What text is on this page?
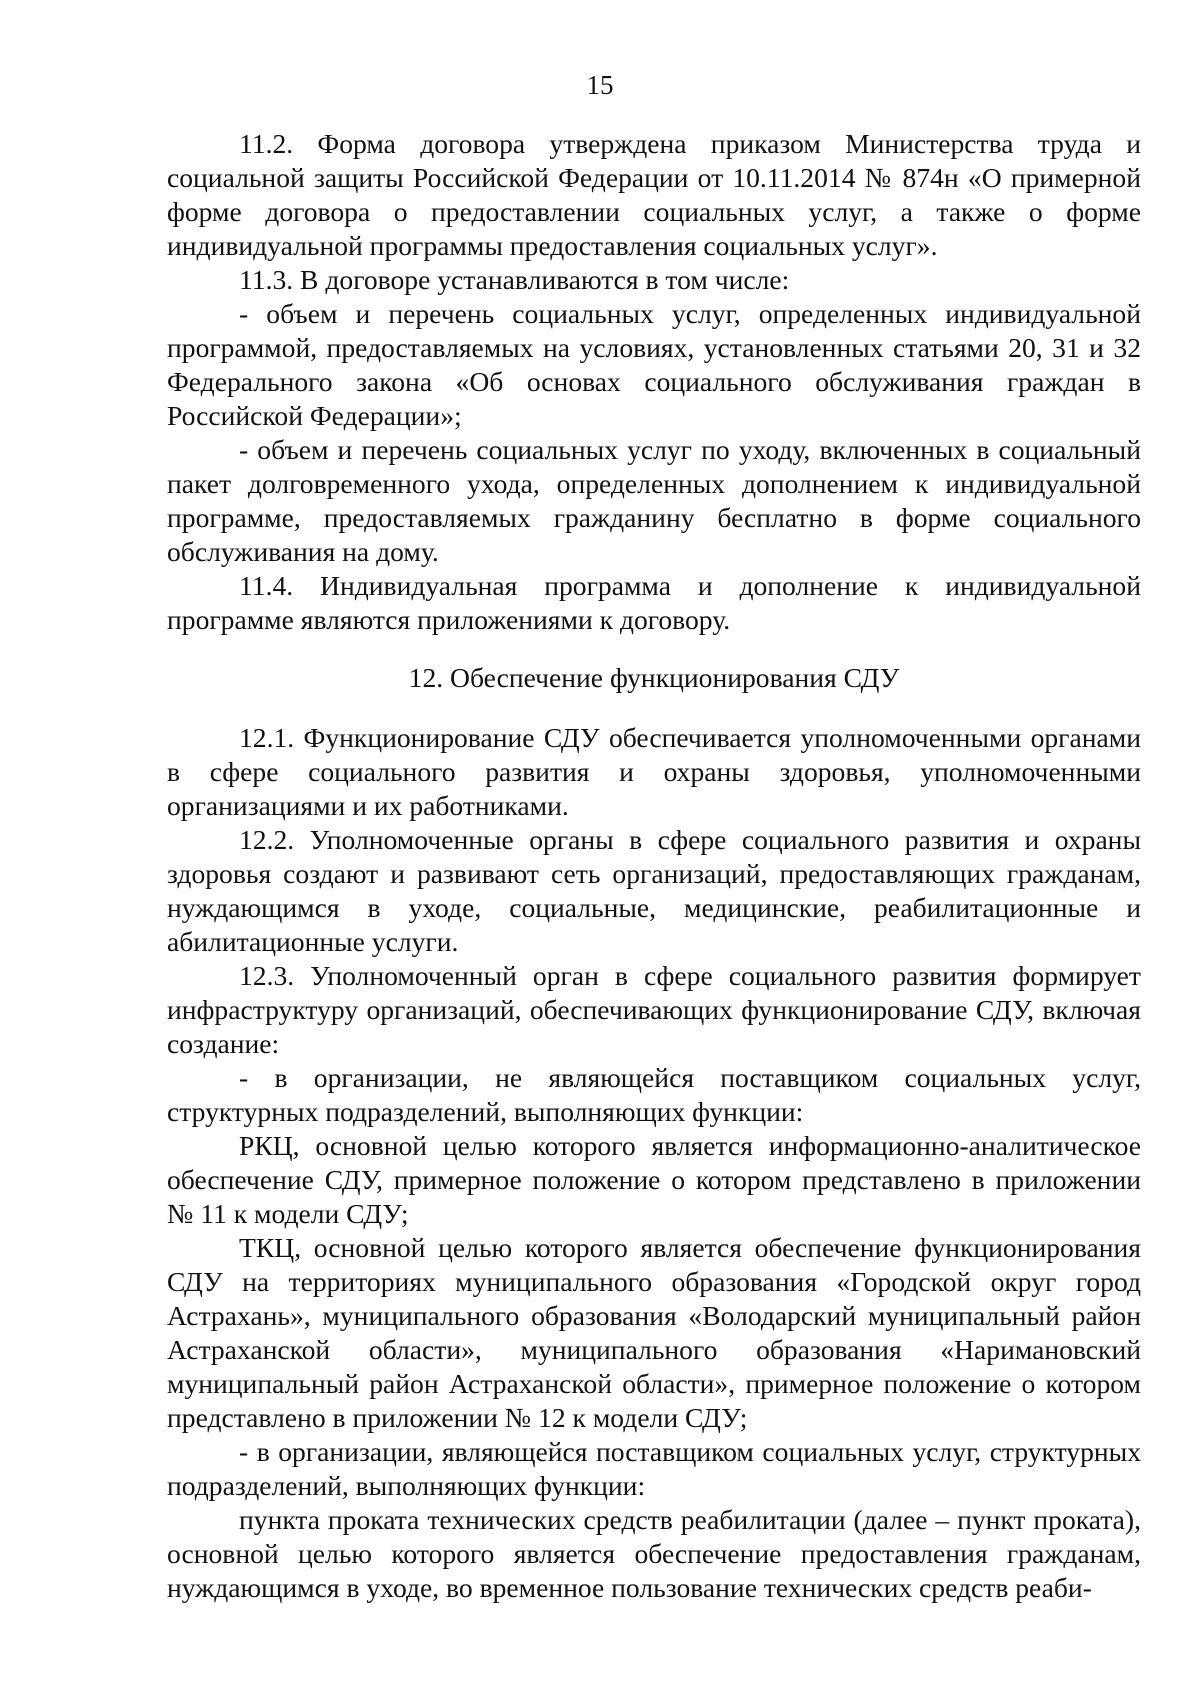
15

11.2. Форма договора утверждена приказом Министерства труда и социальной защиты Российской Федерации от 10.11.2014 № 874н «О примерной форме договора о предоставлении социальных услуг, а также о форме индивидуальной программы предоставления социальных услуг».

11.3. В договоре устанавливаются в том числе:

- объем и перечень социальных услуг, определенных индивидуальной программой, предоставляемых на условиях, установленных статьями 20, 31 и 32 Федерального закона «Об основах социального обслуживания граждан в Российской Федерации»;

- объем и перечень социальных услуг по уходу, включенных в социальный пакет долговременного ухода, определенных дополнением к индивидуальной программе, предоставляемых гражданину бесплатно в форме социального обслуживания на дому.

11.4. Индивидуальная программа и дополнение к индивидуальной программе являются приложениями к договору.

12. Обеспечение функционирования СДУ

12.1. Функционирование СДУ обеспечивается уполномоченными органами в сфере социального развития и охраны здоровья, уполномоченными организациями и их работниками.

12.2. Уполномоченные органы в сфере социального развития и охраны здоровья создают и развивают сеть организаций, предоставляющих гражданам, нуждающимся в уходе, социальные, медицинские, реабилитационные и абилитационные услуги.

12.3. Уполномоченный орган в сфере социального развития формирует инфраструктуру организаций, обеспечивающих функционирование СДУ, включая создание:

- в организации, не являющейся поставщиком социальных услуг, структурных подразделений, выполняющих функции:

РКЦ, основной целью которого является информационно-аналитическое обеспечение СДУ, примерное положение о котором представлено в приложении № 11 к модели СДУ;

ТКЦ, основной целью которого является обеспечение функционирования СДУ на территориях муниципального образования «Городской округ город Астрахань», муниципального образования «Володарский муниципальный район Астраханской области», муниципального образования «Наримановский муниципальный район Астраханской области», примерное положение о котором представлено в приложении № 12 к модели СДУ;

- в организации, являющейся поставщиком социальных услуг, структурных подразделений, выполняющих функции:

пункта проката технических средств реабилитации (далее – пункт проката), основной целью которого является обеспечение предоставления гражданам, нуждающимся в уходе, во временное пользование технических средств реаби-
